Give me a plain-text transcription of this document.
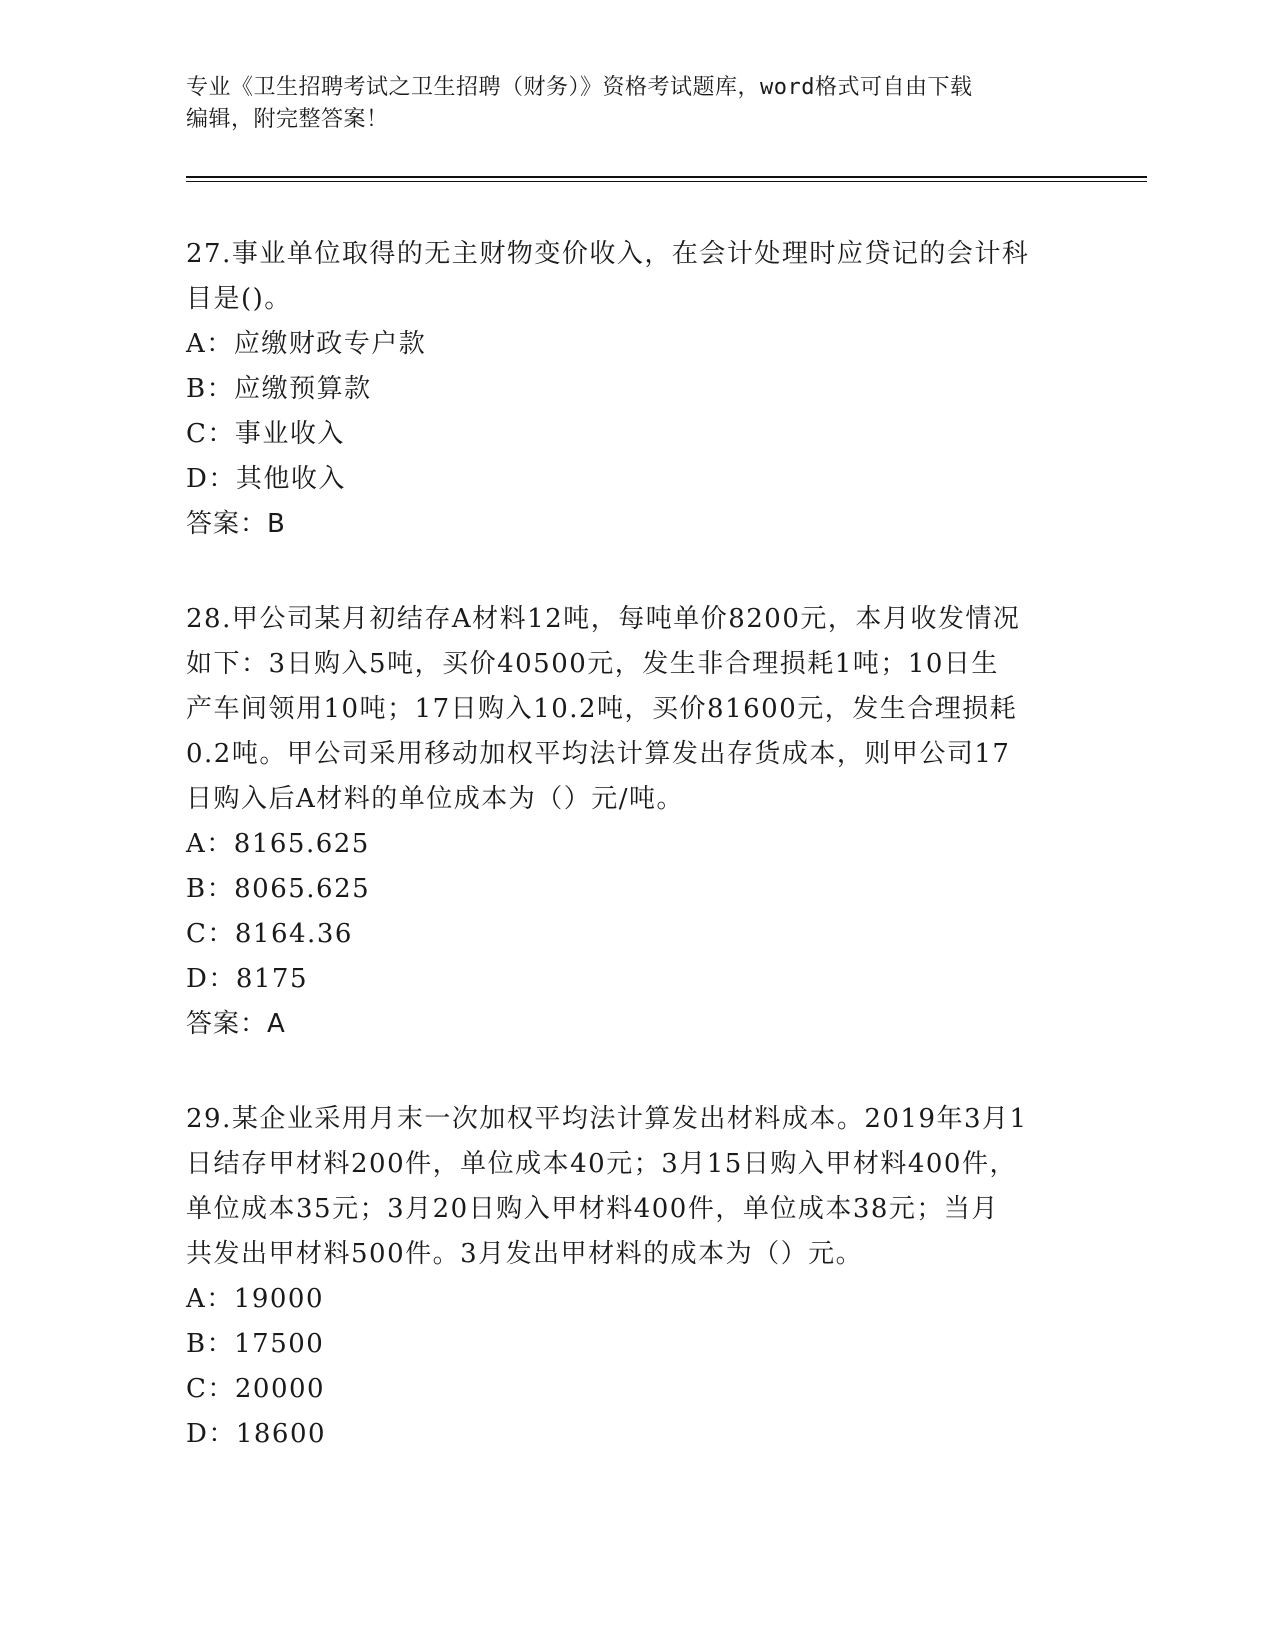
专业《卫生招聘考试之卫生招聘（财务）》资格考试题库，word格式可自由下载
编辑，附完整答案！

27.事业单位取得的无主财物变价收入，在会计处理时应贷记的会计科

目是()。

A：应缴财政专户款

B：应缴预算款

C：事业收入

D：其他收入

答案：B

28.甲公司某月初结存A材料12吨，每吨单价8200元，本月收发情况

如下：3日购入5吨，买价40500元，发生非合理损耗1吨；10日生

产车间领用10吨；17日购入10.2吨，买价81600元，发生合理损耗

0.2吨。甲公司采用移动加权平均法计算发出存货成本，则甲公司17

日购入后A材料的单位成本为（）元/吨。

A：8165.625

B：8065.625

C：8164.36

D：8175

答案：A

29.某企业采用月末一次加权平均法计算发出材料成本。2019年3月1

日结存甲材料200件，单位成本40元；3月15日购入甲材料400件，

单位成本35元；3月20日购入甲材料400件，单位成本38元；当月

共发出甲材料500件。3月发出甲材料的成本为（）元。

A：19000

B：17500

C：20000

D：18600
